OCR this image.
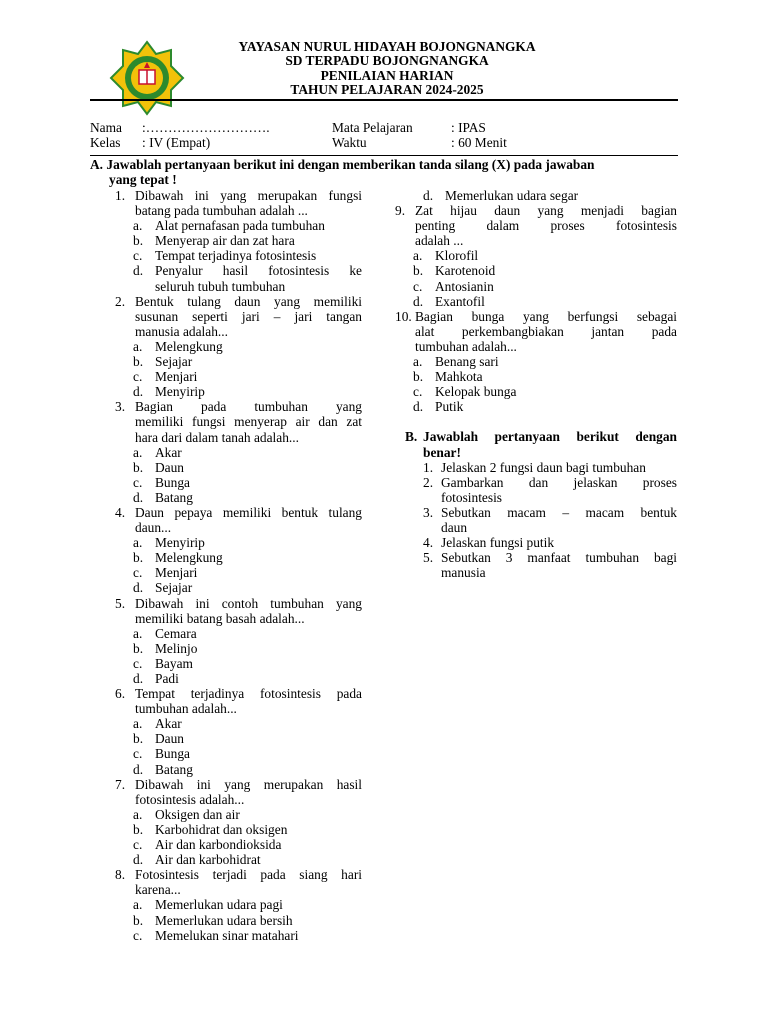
YAYASAN NURUL HIDAYAH BOJONGNANGKA
SD TERPADU BOJONGNANGKA
PENILAIAN HARIAN
TAHUN PELAJARAN 2024-2025
Nama :……………………….
Kelas : IV (Empat)
Mata Pelajaran	: IPAS
Waktu	: 60 Menit
A. Jawablah pertanyaan berikut ini dengan memberikan tanda silang (X) pada jawaban
yang tepat !
1. Dibawah ini yang merupakan fungsi
batang pada tumbuhan adalah ...
a. Alat pernafasan pada tumbuhan
b. Menyerap air dan zat hara
c. Tempat terjadinya fotosintesis
d. Penyalur hasil fotosintesis ke
seluruh tubuh tumbuhan
2. Bentuk tulang daun yang memiliki
susunan seperti jari – jari tangan
manusia adalah...
a. Melengkung
b. Sejajar
c. Menjari
d. Menyirip
3. Bagian pada tumbuhan yang
memiliki fungsi menyerap air dan zat
hara dari dalam tanah adalah...
a. Akar
b. Daun
c. Bunga
d. Batang
4. Daun pepaya memiliki bentuk tulang
daun...
a. Menyirip
b. Melengkung
c. Menjari
d. Sejajar
5. Dibawah ini contoh tumbuhan yang
memiliki batang basah adalah...
a. Cemara
b. Melinjo
c. Bayam
d. Padi
6. Tempat terjadinya fotosintesis pada
tumbuhan adalah...
a. Akar
b. Daun
c. Bunga
d. Batang
7. Dibawah ini yang merupakan hasil
fotosintesis adalah...
a. Oksigen dan air
b. Karbohidrat dan oksigen
c. Air dan karbondioksida
d. Air dan karbohidrat
8. Fotosintesis terjadi pada siang hari
karena...
a. Memerlukan udara pagi
b. Memerlukan udara bersih
c. Memelukan sinar matahari
d. Memerlukan udara segar
9. Zat hijau daun yang menjadi bagian
penting dalam proses fotosintesis
adalah ...
a. Klorofil
b. Karotenoid
c. Antosianin
d. Exantofil
10. Bagian bunga yang berfungsi sebagai
alat perkembangbiakan jantan pada
tumbuhan adalah...
a. Benang sari
b. Mahkota
c. Kelopak bunga
d. Putik
B. Jawablah pertanyaan berikut dengan
benar!
1. Jelaskan 2 fungsi daun bagi tumbuhan
2. Gambarkan dan jelaskan proses
fotosintesis
3. Sebutkan macam – macam bentuk
daun
4. Jelaskan fungsi putik
5. Sebutkan 3 manfaat tumbuhan bagi
manusia
